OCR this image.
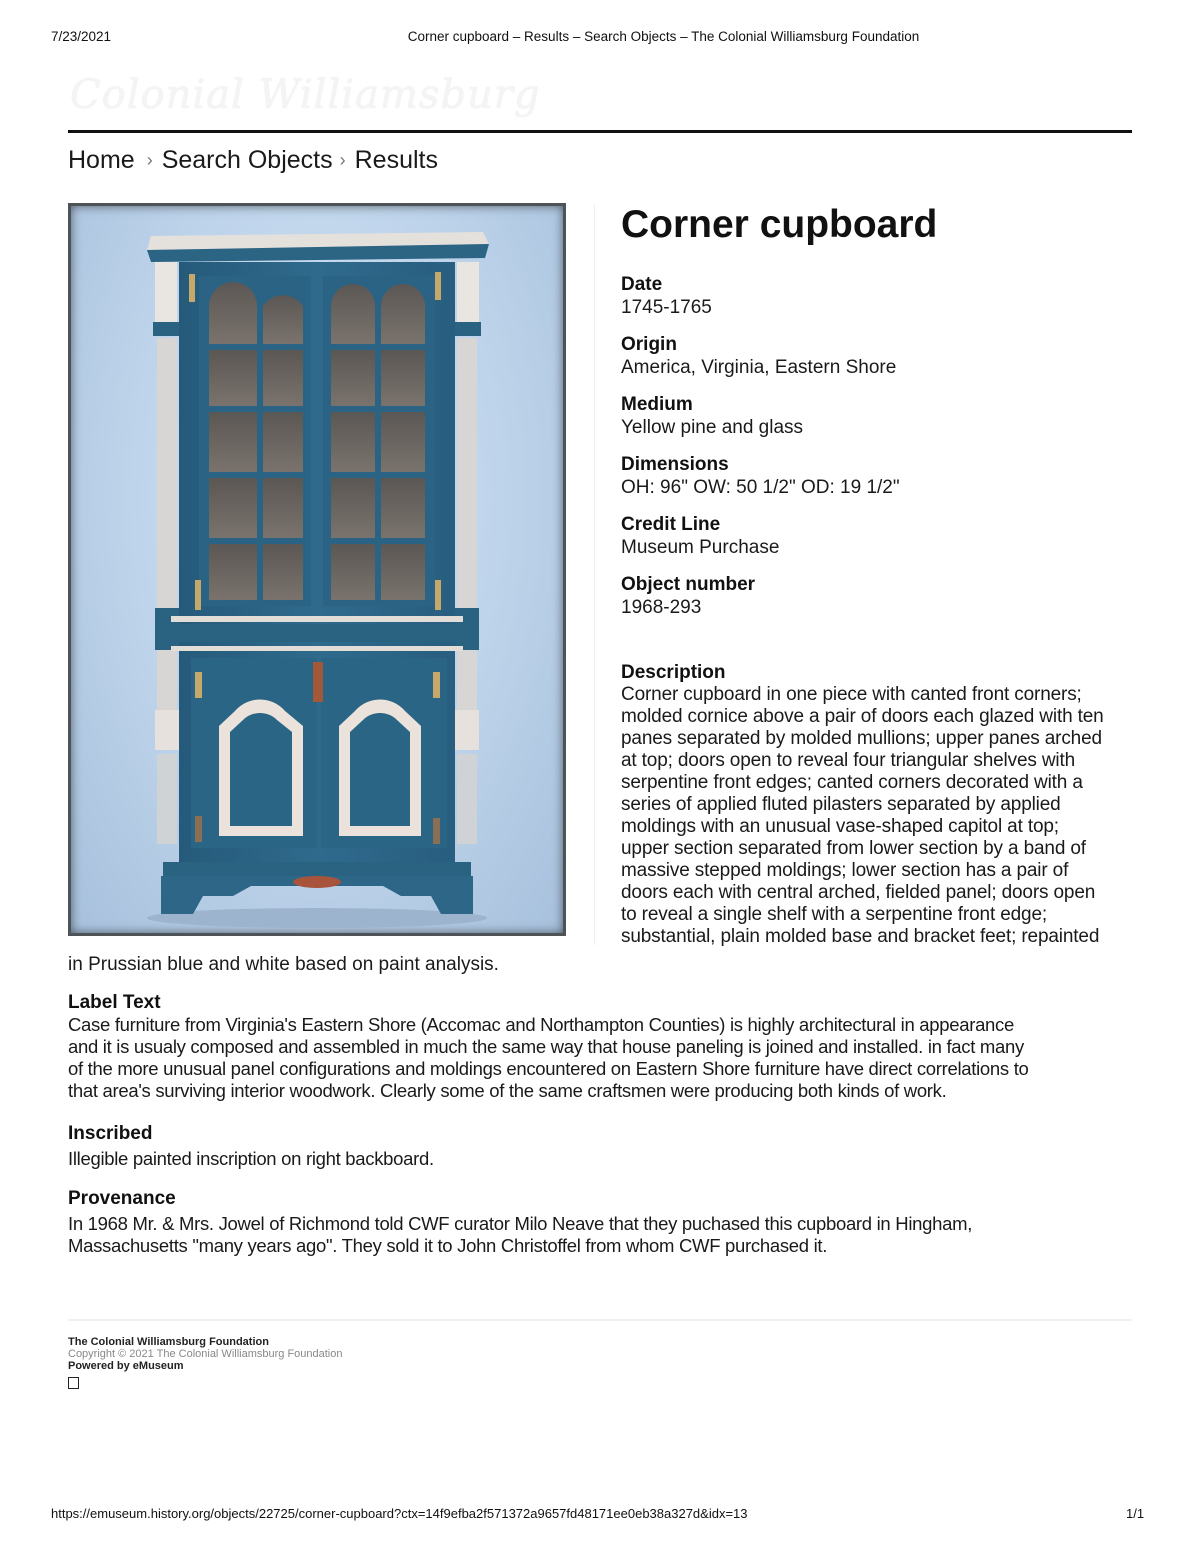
7/23/2021	Corner cupboard – Results – Search Objects – The Colonial Williamsburg Foundation
Colonial Williamsburg
Home › Search Objects › Results
Corner cupboard
Date
1745-1765
Origin
America, Virginia, Eastern Shore
Medium
Yellow pine and glass
Dimensions
OH: 96" OW: 50 1/2" OD: 19 1/2"
Credit Line
Museum Purchase
Object number
1968-293
Description
Corner cupboard in one piece with canted front corners;
molded cornice above a pair of doors each glazed with ten
panes separated by molded mullions; upper panes arched
at top; doors open to reveal four triangular shelves with
serpentine front edges; canted corners decorated with a
series of applied fluted pilasters separated by applied
moldings with an unusual vase-shaped capitol at top;
upper section separated from lower section by a band of
massive stepped moldings; lower section has a pair of
doors each with central arched, fielded panel; doors open
to reveal a single shelf with a serpentine front edge;
substantial, plain molded base and bracket feet; repainted
in Prussian blue and white based on paint analysis.
Label Text
Case furniture from Virginia's Eastern Shore (Accomac and Northampton Counties) is highly architectural in appearance
and it is usualy composed and assembled in much the same way that house paneling is joined and installed. in fact many
of the more unusual panel configurations and moldings encountered on Eastern Shore furniture have direct correlations to
that area's surviving interior woodwork. Clearly some of the same craftsmen were producing both kinds of work.
Inscribed
Illegible painted inscription on right backboard.
Provenance
In 1968 Mr. & Mrs. Jowel of Richmond told CWF curator Milo Neave that they puchased this cupboard in Hingham,
Massachusetts "many years ago". They sold it to John Christoffel from whom CWF purchased it.
The Colonial Williamsburg Foundation
Copyright © 2021 The Colonial Williamsburg Foundation
Powered by eMuseum
https://emuseum.history.org/objects/22725/corner-cupboard?ctx=14f9efba2f571372a9657fd48171ee0eb38a327d&idx=13	1/1
